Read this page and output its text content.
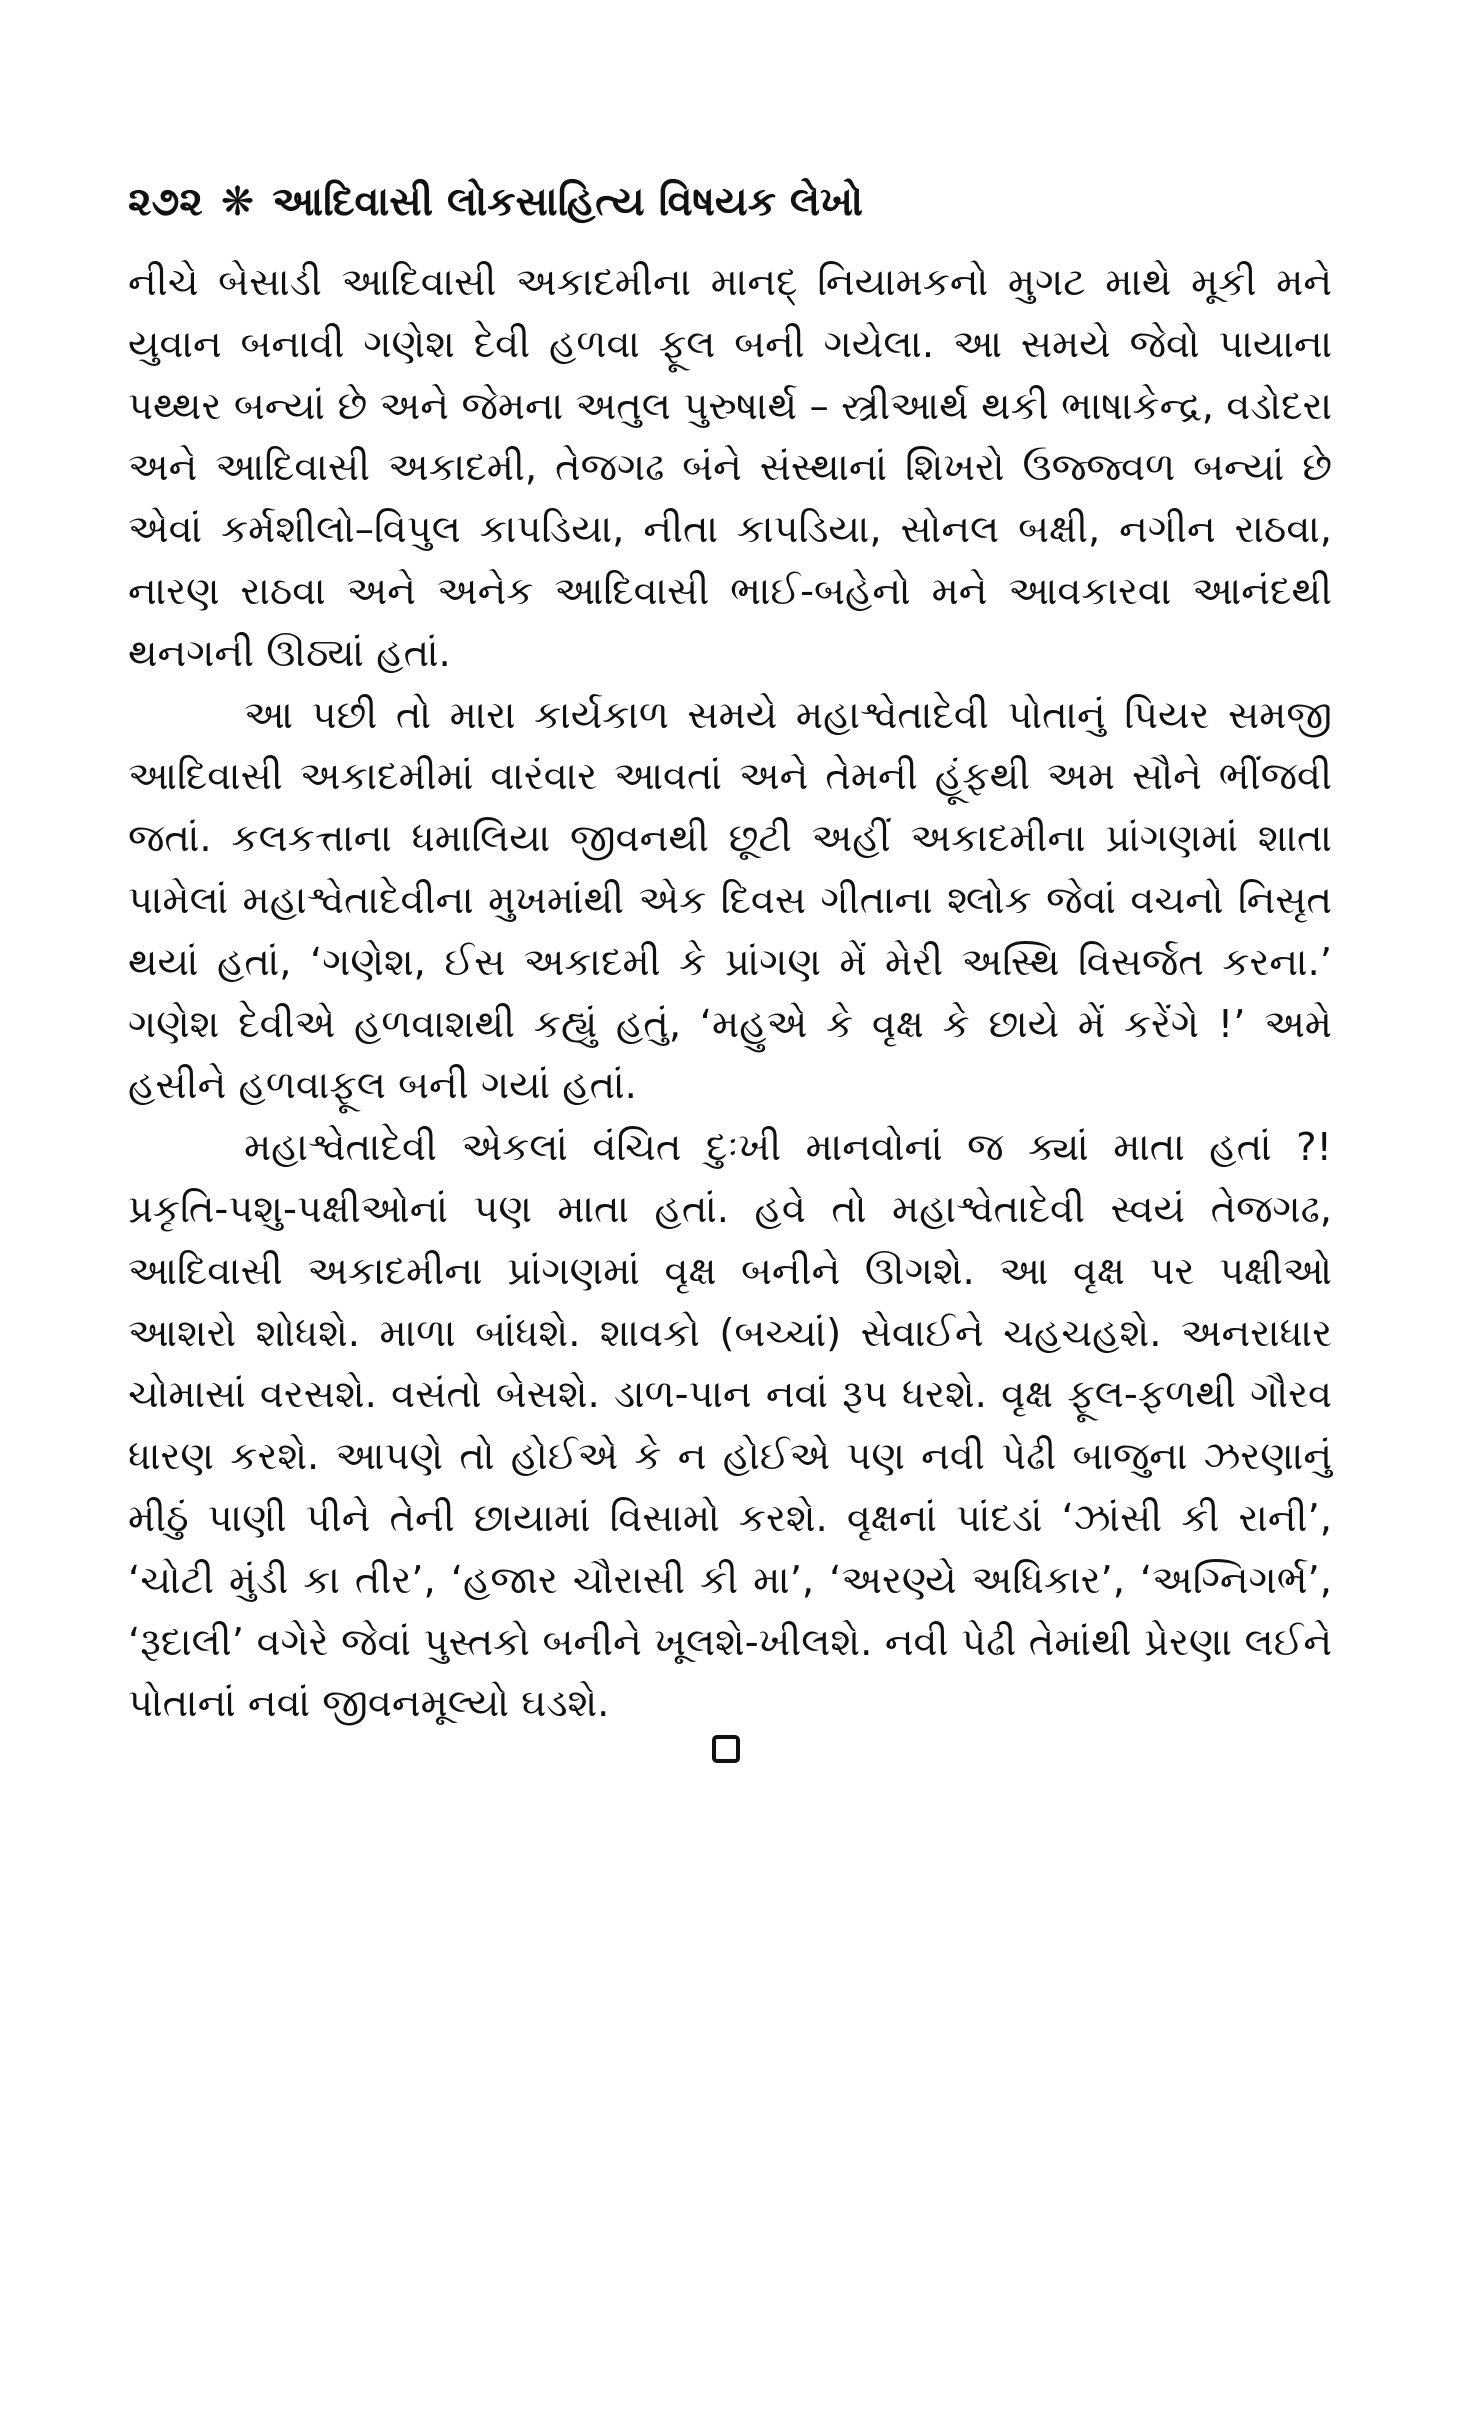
૨૭૨ ❋ આદિવાસી લોકસાહિત્ય વિષયક લેખો

નીચે બેસાડી આદિવાસી અકાદમીના માનદ્ નિયામકનો મુગટ માથે મૂકી મને યુવાન બનાવી ગણેશ દેવી હળવા ફૂલ બની ગયેલા. આ સમયે જેવો પાયાના પથ્થર બન્યાં છે અને જેમના અતુલ પુરુષાર્થ – સ્ત્રીઆર્થ થકી ભાષાકેન્દ્ર, વડોદરા અને આદિવાસી અકાદમી, તેજગઢ બંને સંસ્થાનાં શિખરો ઉજ્જ્વળ બન્યાં છે એવાં કર્મશીલો–વિપુલ કાપડિયા, નીતા કાપડિયા, સોનલ બક્ષી, નગીન રાઠવા, નારણ રાઠવા અને અનેક આદિવાસી ભાઈ-બહેનો મને આવકારવા આનંદથી થનગની ઊઠ્યાં હતાં.

આ પછી તો મારા કાર્યકાળ સમયે મહાશ્વેતાદેવી પોતાનું પિયર સમજી આદિવાસી અકાદમીમાં વારંવાર આવતાં અને તેમની હૂંફથી અમ સૌને ભીંજવી જતાં. કલકત્તાના ધમાલિયા જીવનથી છૂટી અહીં અકાદમીના પ્રાંગણમાં શાતા પામેલાં મહાશ્વેતાદેવીના મુખમાંથી એક દિવસ ગીતાના શ્લોક જેવાં વચનો નિસૃત થયાં હતાં, ‘ગણેશ, ઈસ અકાદમી કે પ્રાંગણ મેં મેરી અસ્થિ વિસર્જત કરના.’ ગણેશ દેવીએ હળવાશથી કહ્યું હતું, ‘મહુએ કે વૃક્ષ કે છાયે મેં કરેંગે !’ અમે હસીને હળવાફૂલ બની ગયાં હતાં.

મહાશ્વેતાદેવી એકલાં વંચિત દુઃખી માનવોનાં જ ક્યાં માતા હતાં ?! પ્રકૃતિ-પશુ-પક્ષીઓનાં પણ માતા હતાં. હવે તો મહાશ્વેતાદેવી સ્વયં તેજગઢ, આદિવાસી અકાદમીના પ્રાંગણમાં વૃક્ષ બનીને ઊગશે. આ વૃક્ષ પર પક્ષીઓ આશરો શોધશે. માળા બાંધશે. શાવકો (બચ્ચાં) સેવાઈને ચહચહશે. અનરાધાર ચોમાસાં વરસશે. વસંતો બેસશે. ડાળ-પાન નવાં રૂપ ધરશે. વૃક્ષ ફૂલ-ફળથી ગૌરવ ધારણ કરશે. આપણે તો હોઈએ કે ન હોઈએ પણ નવી પેઢી બાજુના ઝરણાનું મીઠું પાણી પીને તેની છાયામાં વિસામો કરશે. વૃક્ષનાં પાંદડાં ‘ઝાંસી કી રાની’, ‘ચોટી મુંડી કા તીર’, ‘હજાર ચૌરાસી કી મા’, ‘અરણ્યે અધિકાર’, ‘અગ્નિગર્ભ’, ‘રૂદાલી’ વગેરે જેવાં પુસ્તકો બનીને ખૂલશે-ખીલશે. નવી પેઢી તેમાંથી પ્રેરણા લઈને પોતાનાં નવાં જીવનમૂલ્યો ઘડશે.
